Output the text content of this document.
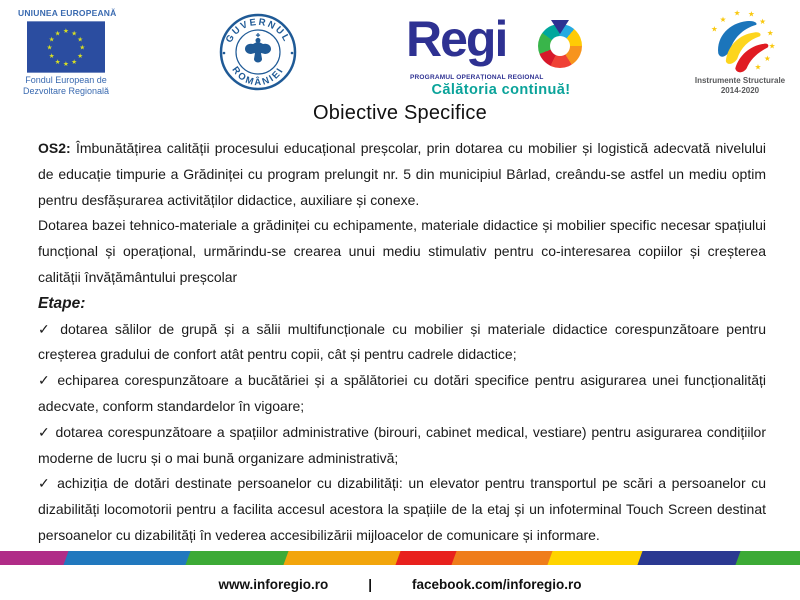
UNIUNEA EUROPEANĂ
★ ★
★
★
★
★
★
★
★
★
★
★
Fondul European de
Dezvoltare Regională
GUVERNUL
ROMÂNIEI
Regi
PROGRAMUL OPERAȚIONAL REGIONAL
Călătoria continuă!
★
★ ★
★
★
★
★
★
★
Instrumente Structurale
2014-2020
Obiective Specifice

OS2: Îmbunătățirea calității procesului educațional preșcolar, prin dotarea cu mobilier și logistică adecvată nivelului de educație timpurie a Grădiniței cu program prelungit nr. 5 din municipiul Bârlad, creându-se astfel un mediu optim pentru desfășurarea activităților didactice, auxiliare și conexe.

Dotarea bazei tehnico-materiale a grădiniței cu echipamente, materiale didactice și mobilier specific necesar spațiului funcțional și operațional, urmărindu-se crearea unui mediu stimulativ pentru co-interesarea copiilor și creșterea calității învățământului preșcolar

Etape:

✓ dotarea sălilor de grupă și a sălii multifuncționale cu mobilier și materiale didactice corespunzătoare pentru creșterea gradului de confort atât pentru copii, cât și pentru cadrele didactice;

✓ echiparea corespunzătoare a bucătăriei și a spălătoriei cu dotări specifice pentru asigurarea unei funcționalități adecvate, conform standardelor în vigoare;

✓ dotarea corespunzătoare a spațiilor administrative (birouri, cabinet medical, vestiare) pentru asigurarea condițiilor moderne de lucru și o mai bună organizare administrativă;

✓ achiziția de dotări destinate persoanelor cu dizabilități: un elevator pentru transportul pe scări a persoanelor cu dizabilități locomotorii pentru a facilita accesul acestora la spațiile de la etaj și un infoterminal Touch Screen destinat persoanelor cu dizabilități în vederea accesibilizării mijloacelor de comunicare și informare.

www.inforegio.ro	|	facebook.com/inforegio.ro
